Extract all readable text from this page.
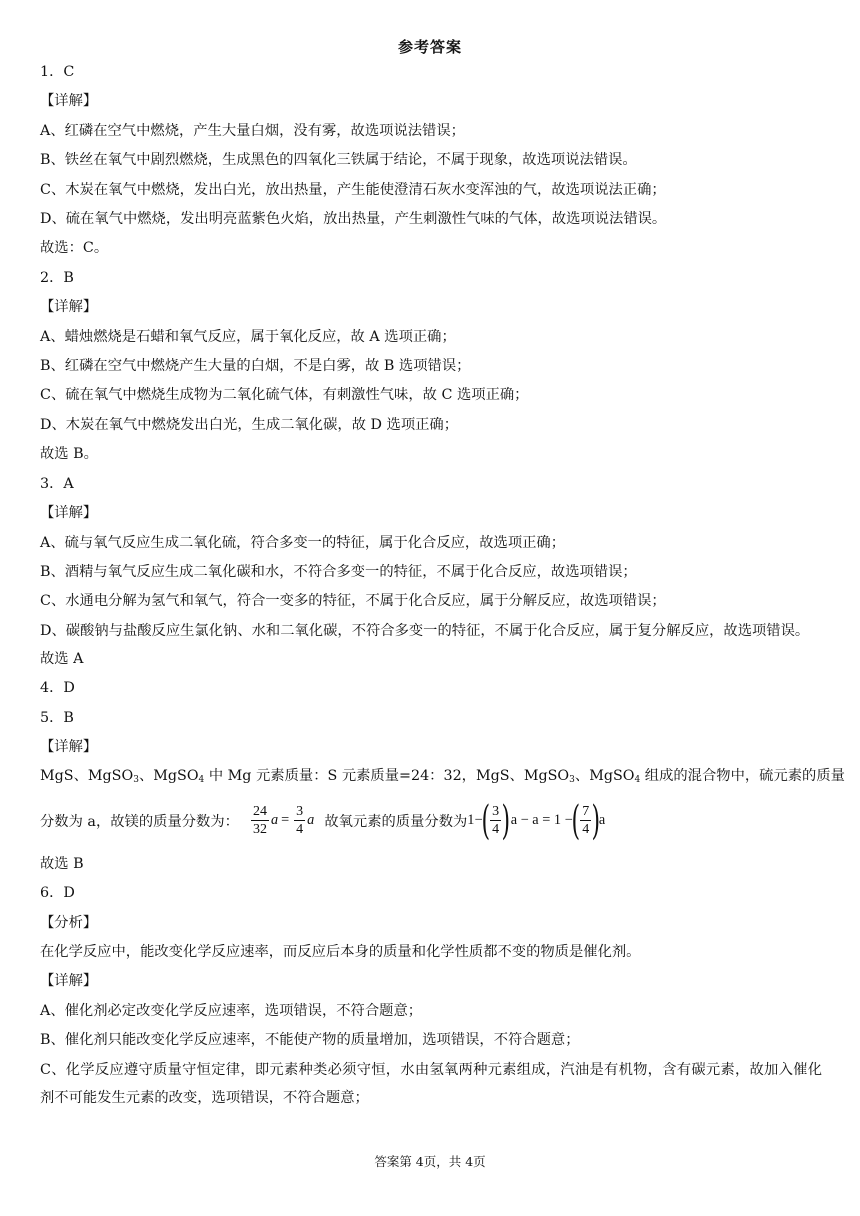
参考答案
1．C
【详解】
A、红磷在空气中燃烧，产生大量白烟，没有雾，故选项说法错误；
B、铁丝在氧气中剧烈燃烧，生成黑色的四氧化三铁属于结论，不属于现象，故选项说法错误。
C、木炭在氧气中燃烧，发出白光，放出热量，产生能使澄清石灰水变浑浊的气，故选项说法正确；
D、硫在氧气中燃烧，发出明亮蓝紫色火焰，放出热量，产生刺激性气味的气体，故选项说法错误。
故选：C。
2．B
【详解】
A、蜡烛燃烧是石蜡和氧气反应，属于氧化反应，故 A 选项正确；
B、红磷在空气中燃烧产生大量的白烟，不是白雾，故 B 选项错误；
C、硫在氧气中燃烧生成物为二氧化硫气体，有刺激性气味，故 C 选项正确；
D、木炭在氧气中燃烧发出白光，生成二氧化碳，故 D 选项正确；
故选 B。
3．A
【详解】
A、硫与氧气反应生成二氧化硫，符合多变一的特征，属于化合反应，故选项正确；
B、酒精与氧气反应生成二氧化碳和水，不符合多变一的特征，不属于化合反应，故选项错误；
C、水通电分解为氢气和氧气，符合一变多的特征，不属于化合反应，属于分解反应，故选项错误；
D、碳酸钠与盐酸反应生氯化钠、水和二氧化碳，不符合多变一的特征，不属于化合反应，属于复分解反应，故选项错误。
故选 A
4．D
5．B
【详解】
MgS、MgSO$_3$、MgSO$_4$ 中 Mg 元素质量：S 元素质量=24：32，MgS、MgSO$_3$、MgSO$_4$ 组成的混合物中，硫元素的质量
分数为 a，故镁的质量分数为： $\frac{24}{32}$ $a = \frac{3}{4}$ a 故氧元素的质量分数为 1 −
( $\frac{3}{4}$ ) a − a = 1 −
( $\frac{7}{4}$ )
a
故选 B
6．D
【分析】
在化学反应中，能改变化学反应速率，而反应后本身的质量和化学性质都不变的物质是催化剂。
【详解】
A、催化剂必定改变化学反应速率，选项错误，不符合题意；
B、催化剂只能改变化学反应速率，不能使产物的质量增加，选项错误，不符合题意；
C、化学反应遵守质量守恒定律，即元素种类必须守恒，水由氢氧两种元素组成，汽油是有机物，含有碳元素，故加入催化剂不可能发生元素的改变，选项错误，不符合题意；
答案第 4页，共 4页
